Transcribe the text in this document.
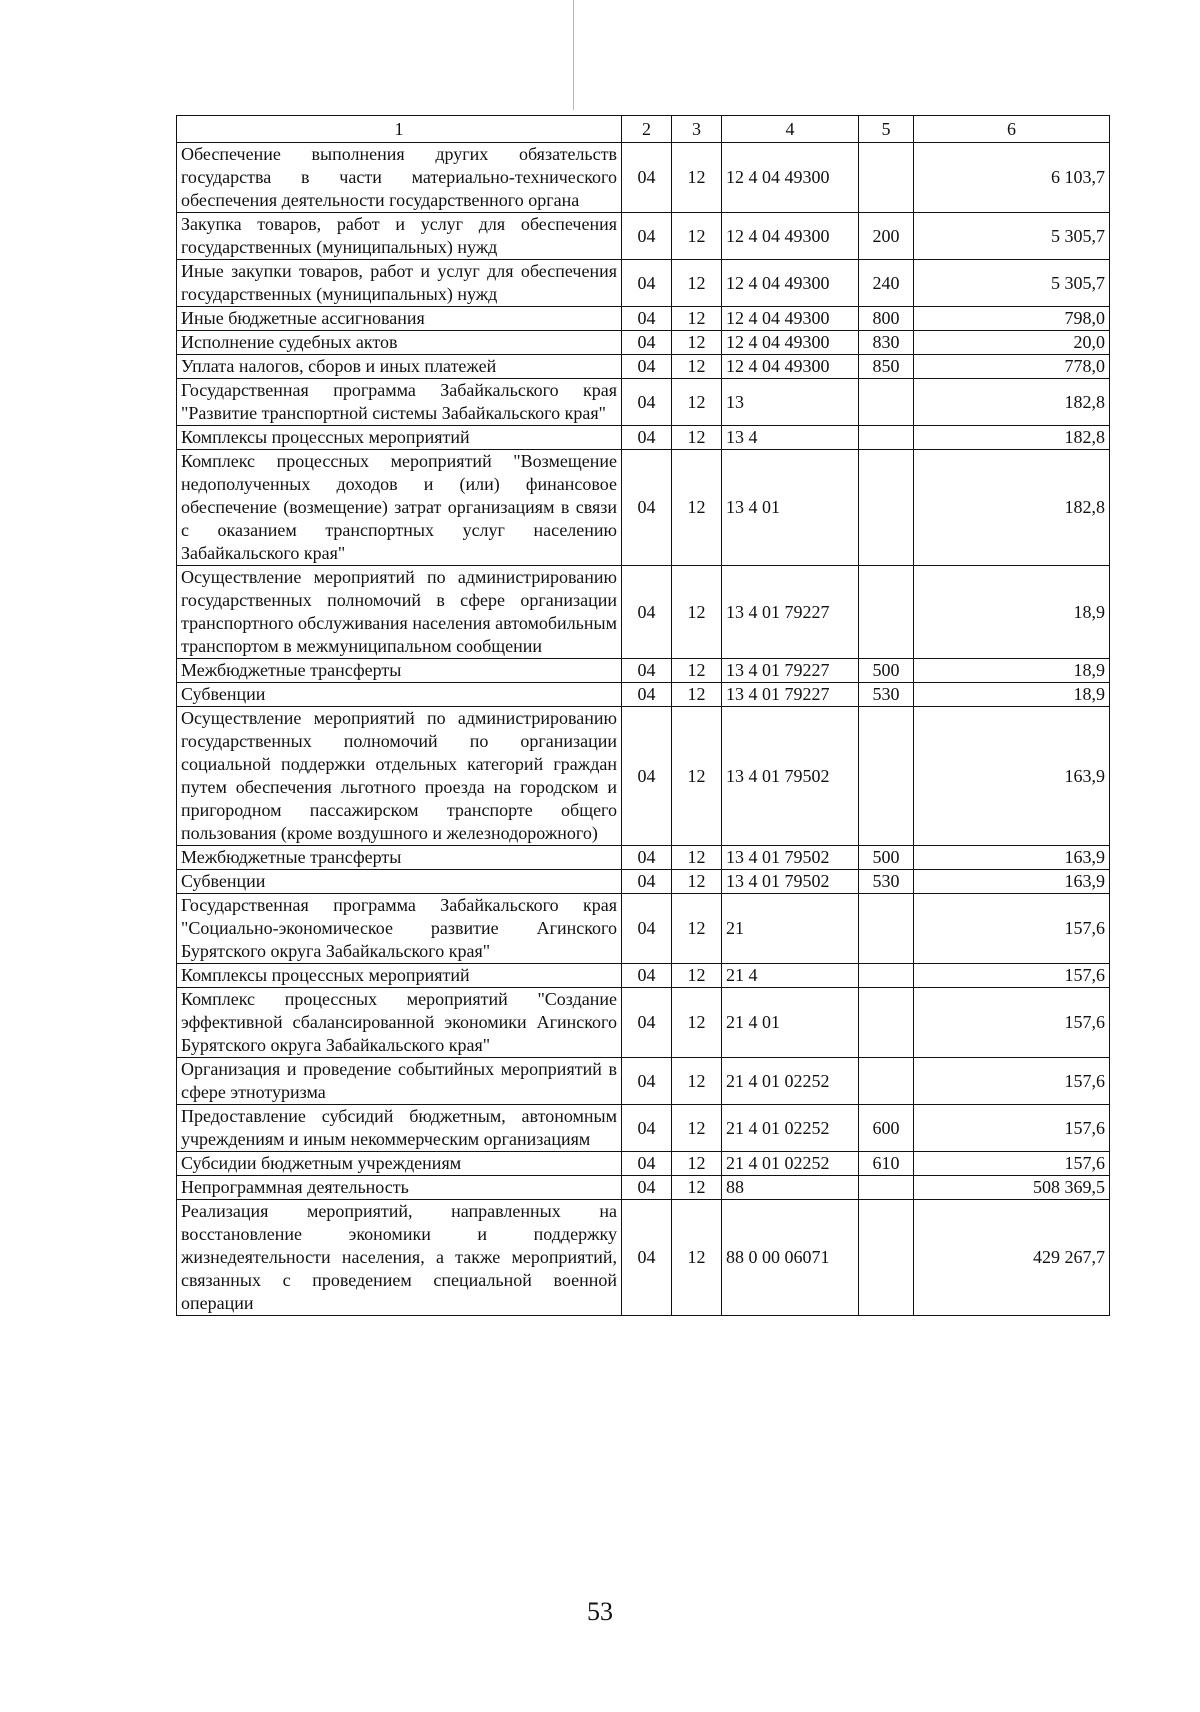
1	2	3	4	5	6
Обеспечение выполнения других обязательств государства в части материально-технического обеспечения деятельности государственного органа	04	12	12 4 04 49300		6 103,7
Закупка товаров, работ и услуг для обеспечения государственных (муниципальных) нужд	04	12	12 4 04 49300	200	5 305,7
Иные закупки товаров, работ и услуг для обеспечения государственных (муниципальных) нужд	04	12	12 4 04 49300	240	5 305,7
Иные бюджетные ассигнования	04	12	12 4 04 49300	800	798,0
Исполнение судебных актов	04	12	12 4 04 49300	830	20,0
Уплата налогов, сборов и иных платежей	04	12	12 4 04 49300	850	778,0
Государственная программа Забайкальского края "Развитие транспортной системы Забайкальского края"	04	12	13		182,8
Комплексы процессных мероприятий	04	12	13 4		182,8
Комплекс процессных мероприятий "Возмещение недополученных доходов и (или) финансовое обеспечение (возмещение) затрат организациям в связи с оказанием транспортных услуг населению Забайкальского края"	04	12	13 4 01		182,8
Осуществление мероприятий по администрированию государственных полномочий в сфере организации транспортного обслуживания населения автомобильным транспортом в межмуниципальном сообщении	04	12	13 4 01 79227		18,9
Межбюджетные трансферты	04	12	13 4 01 79227	500	18,9
Субвенции	04	12	13 4 01 79227	530	18,9
Осуществление мероприятий по администрированию государственных полномочий по организации социальной поддержки отдельных категорий граждан путем обеспечения льготного проезда на городском и пригородном пассажирском транспорте общего пользования (кроме воздушного и железнодорожного)	04	12	13 4 01 79502		163,9
Межбюджетные трансферты	04	12	13 4 01 79502	500	163,9
Субвенции	04	12	13 4 01 79502	530	163,9
Государственная программа Забайкальского края "Социально-экономическое развитие Агинского Бурятского округа Забайкальского края"	04	12	21		157,6
Комплексы процессных мероприятий	04	12	21 4		157,6
Комплекс процессных мероприятий "Создание эффективной сбалансированной экономики Агинского Бурятского округа Забайкальского края"	04	12	21 4 01		157,6
Организация и проведение событийных мероприятий в сфере этнотуризма	04	12	21 4 01 02252		157,6
Предоставление субсидий бюджетным, автономным учреждениям и иным некоммерческим организациям	04	12	21 4 01 02252	600	157,6
Субсидии бюджетным учреждениям	04	12	21 4 01 02252	610	157,6
Непрограммная деятельность	04	12	88		508 369,5
Реализация мероприятий, направленных на восстановление экономики и поддержку жизнедеятельности населения, а также мероприятий, связанных с проведением специальной военной операции	04	12	88 0 00 06071		429 267,7
53
